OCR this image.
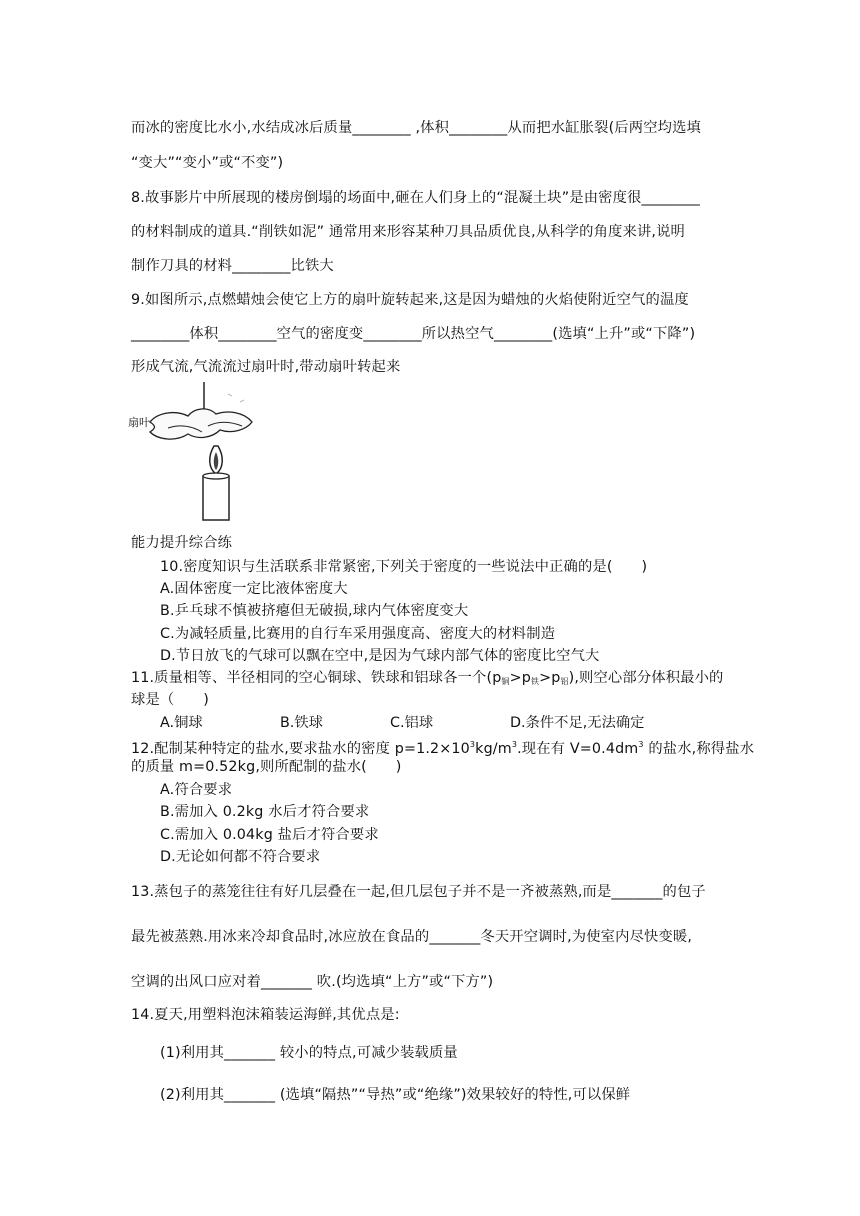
而冰的密度比水小,水结成冰后质量________ ,体积________从而把水缸胀裂(后两空均选填
“变大”“变小”或“不变”)
8.故事影片中所展现的楼房倒塌的场面中,砸在人们身上的“混凝土块”是由密度很________
的材料制成的道具.“削铁如泥” 通常用来形容某种刀具品质优良,从科学的角度来讲,说明
制作刀具的材料________比铁大
9.如图所示,点燃蜡烛会使它上方的扇叶旋转起来,这是因为蜡烛的火焰使附近空气的温度
________体积________空气的密度变________所以热空气________(选填“上升”或“下降”)
形成气流,气流流过扇叶时,带动扇叶转起来
扇叶
能力提升综合练
10.密度知识与生活联系非常紧密,下列关于密度的一些说法中正确的是(　　)
A.固体密度一定比液体密度大
B.乒乓球不慎被挤瘪但无破损,球内气体密度变大
C.为减轻质量,比赛用的自行车采用强度高、密度大的材料制造
D.节日放飞的气球可以飘在空中,是因为气球内部气体的密度比空气大
11.质量相等、半径相同的空心铜球、铁球和铝球各一个$(p_铜>p_铁>p_铝)$,则空心部分体积最小的
球是（　　)
A.铜球	B.铁球	C.铝球	D.条件不足,无法确定
12.配制某种特定的盐水,要求盐水的密度 $p=1.2\times 10^3kg/m^3$.现在有 $V=0.4dm^3$ 的盐水,称得盐水
的质量 m=0.52kg,则所配制的盐水(　　)
A.符合要求
B.需加入 0.2kg 水后才符合要求
C.需加入 0.04kg 盐后才符合要求
D.无论如何都不符合要求
13.蒸包子的蒸笼往往有好几层叠在一起,但几层包子并不是一齐被蒸熟,而是_______的包子
最先被蒸熟.用冰来冷却食品时,冰应放在食品的_______冬天开空调时,为使室内尽快变暖,
空调的出风口应对着_______ 吹.(均选填“上方”或“下方”)
14.夏天,用塑料泡沫箱装运海鲜,其优点是:
(1)利用其_______ 较小的特点,可减少装载质量
(2)利用其_______ (选填“隔热”“导热”或“绝缘”)效果较好的特性,可以保鲜
